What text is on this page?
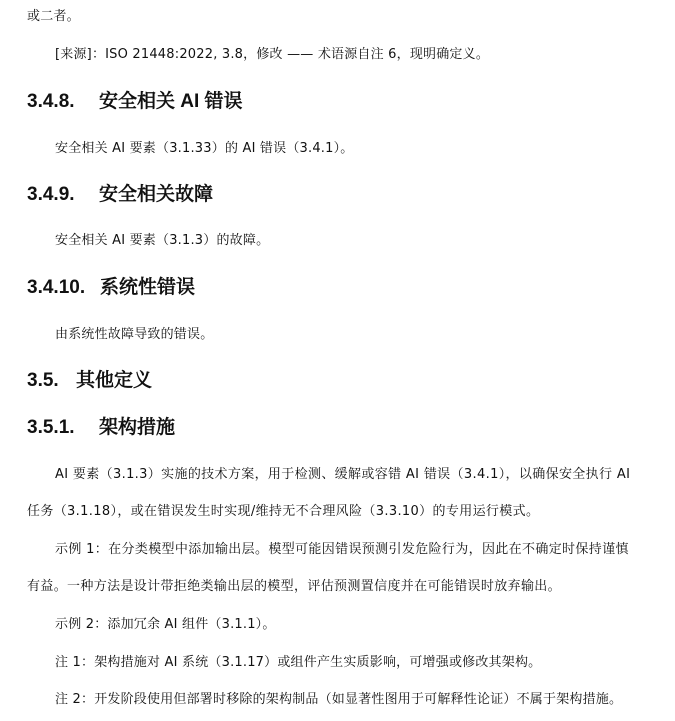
或二者。
[来源]：ISO 21448:2022, 3.8，修改 —— 术语源自注 6，现明确定义。
3.4.8. 安全相关 AI 错误
安全相关 AI 要素（3.1.33）的 AI 错误（3.4.1）。
3.4.9. 安全相关故障
安全相关 AI 要素（3.1.3）的故障。
3.4.10. 系统性错误
由系统性故障导致的错误。
3.5. 其他定义
3.5.1. 架构措施
AI 要素（3.1.3）实施的技术方案，用于检测、缓解或容错 AI 错误（3.4.1），以确保安全执行 AI 任务（3.1.18），或在错误发生时实现/维持无不合理风险（3.3.10）的专用运行模式。
示例 1：在分类模型中添加输出层。模型可能因错误预测引发危险行为，因此在不确定时保持谨慎有益。一种方法是设计带拒绝类输出层的模型，评估预测置信度并在可能错误时放弃输出。
示例 2：添加冗余 AI 组件（3.1.1）。
注 1：架构措施对 AI 系统（3.1.17）或组件产生实质影响，可增强或修改其架构。
注 2：开发阶段使用但部署时移除的架构制品（如显著性图用于可解释性论证）不属于架构措施。
